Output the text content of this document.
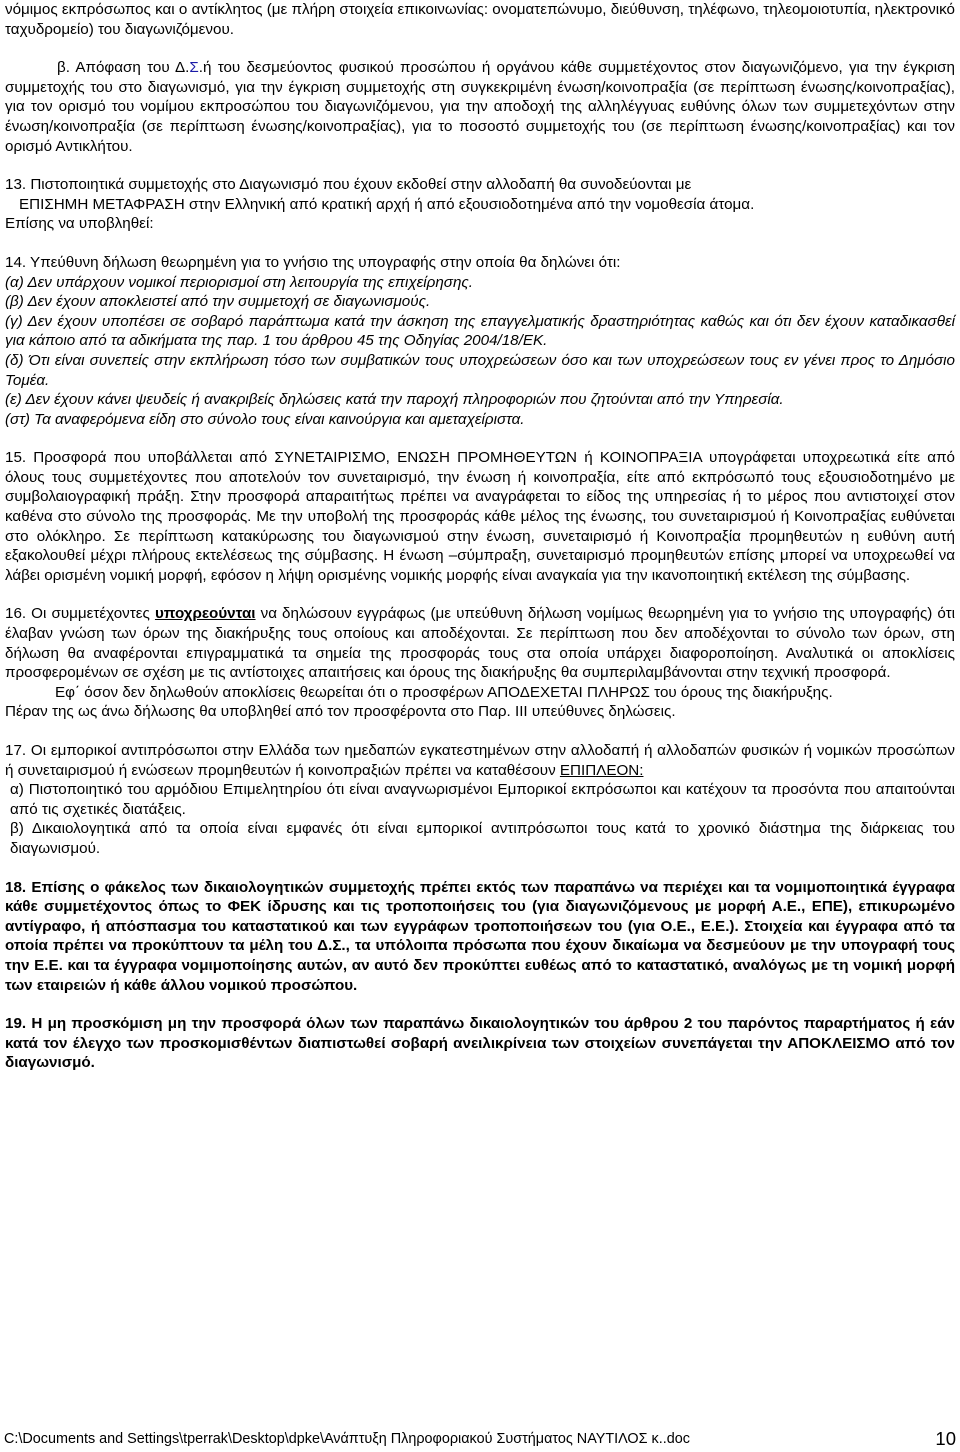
νόμιμος εκπρόσωπος και ο αντίκλητος (με πλήρη στοιχεία επικοινωνίας: ονοματεπώνυμο, διεύθυνση, τηλέφωνο, τηλεομοιοτυπία, ηλεκτρονικό ταχυδρομείο) του διαγωνιζόμενου.

β. Απόφαση του Δ.Σ.ή του δεσμεύοντος φυσικού προσώπου ή οργάνου κάθε συμμετέχοντος στον διαγωνιζόμενο, για την έγκριση συμμετοχής του στο διαγωνισμό, για την έγκριση συμμετοχής στη συγκεκριμένη ένωση/κοινοπραξία (σε περίπτωση ένωσης/κοινοπραξίας), για τον ορισμό του νομίμου εκπροσώπου του διαγωνιζόμενου, για την αποδοχή της αλληλέγγυας ευθύνης όλων των συμμετεχόντων στην ένωση/κοινοπραξία (σε περίπτωση ένωσης/κοινοπραξίας), για το ποσοστό συμμετοχής του (σε περίπτωση ένωσης/κοινοπραξίας) και τον ορισμό Αντικλήτου.

13. Πιστοποιητικά συμμετοχής στο Διαγωνισμό που έχουν εκδοθεί στην αλλοδαπή θα συνοδεύονται με

ΕΠΙΣΗΜΗ ΜΕΤΑΦΡΑΣΗ στην Ελληνική από κρατική αρχή ή από εξουσιοδοτημένα από την νομοθεσία άτομα.

Επίσης να υποβληθεί:

14. Υπεύθυνη δήλωση θεωρημένη για το γνήσιο της υπογραφής στην οποία θα δηλώνει ότι:

(α) Δεν υπάρχουν νομικοί περιορισμοί στη λειτουργία της επιχείρησης.

(β) Δεν έχουν αποκλειστεί από την συμμετοχή σε διαγωνισμούς.

(γ) Δεν έχουν υποπέσει σε σοβαρό παράπτωμα κατά την άσκηση της επαγγελματικής δραστηριότητας καθώς και ότι δεν έχουν καταδικασθεί για κάποιο από τα αδικήματα της παρ. 1 του άρθρου 45 της Οδηγίας 2004/18/ΕΚ.

(δ) Ότι είναι συνεπείς στην εκπλήρωση τόσο των συμβατικών τους υποχρεώσεων όσο και των υποχρεώσεων τους εν γένει προς το Δημόσιο Τομέα.

(ε) Δεν έχουν κάνει ψευδείς ή ανακριβείς δηλώσεις κατά την παροχή πληροφοριών που ζητούνται από την Υπηρεσία.

(στ) Τα αναφερόμενα είδη στο σύνολο τους είναι καινούργια και αμεταχείριστα.

15. Προσφορά που υποβάλλεται από ΣΥΝΕΤΑΙΡΙΣΜΟ, ΕΝΩΣΗ ΠΡΟΜΗΘΕΥΤΩΝ ή ΚΟΙΝΟΠΡΑΞΙΑ υπογράφεται υποχρεωτικά είτε από όλους τους συμμετέχοντες που αποτελούν τον συνεταιρισμό, την ένωση ή κοινοπραξία, είτε από εκπρόσωπό τους εξουσιοδοτημένο με συμβολαιογραφική πράξη. Στην προσφορά απαραιτήτως πρέπει να αναγράφεται το είδος της υπηρεσίας ή το μέρος που αντιστοιχεί στον καθένα στο σύνολο της προσφοράς. Με την υποβολή της προσφοράς κάθε μέλος της ένωσης, του συνεταιρισμού ή Κοινοπραξίας ευθύνεται στο ολόκληρο. Σε περίπτωση κατακύρωσης του διαγωνισμού στην ένωση, συνεταιρισμό ή Κοινοπραξία προμηθευτών η ευθύνη αυτή εξακολουθεί μέχρι πλήρους εκτελέσεως της σύμβασης. Η ένωση –σύμπραξη, συνεταιρισμό προμηθευτών επίσης μπορεί να υποχρεωθεί να λάβει ορισμένη νομική μορφή, εφόσον η λήψη ορισμένης νομικής μορφής είναι αναγκαία για την ικανοποιητική εκτέλεση της σύμβασης.

16. Οι συμμετέχοντες υποχρεούνται να δηλώσουν εγγράφως (με υπεύθυνη δήλωση νομίμως θεωρημένη για το γνήσιο της υπογραφής) ότι έλαβαν γνώση των όρων της διακήρυξης τους οποίους και αποδέχονται. Σε περίπτωση που δεν αποδέχονται το σύνολο των όρων, στη δήλωση θα αναφέρονται επιγραμματικά τα σημεία της προσφοράς τους στα οποία υπάρχει διαφοροποίηση. Αναλυτικά οι αποκλίσεις προσφερομένων σε σχέση με τις αντίστοιχες απαιτήσεις και όρους της διακήρυξης θα συμπεριλαμβάνονται στην τεχνική προσφορά.

Εφ΄ όσον δεν δηλωθούν αποκλίσεις θεωρείται ότι ο προσφέρων ΑΠΟΔΕΧΕΤΑΙ ΠΛΗΡΩΣ του όρους της διακήρυξης.

Πέραν της ως άνω δήλωσης θα υποβληθεί από τον προσφέροντα στο Παρ. ΙΙΙ υπεύθυνες δηλώσεις.

17. Οι εμπορικοί αντιπρόσωποι στην Ελλάδα των ημεδαπών εγκατεστημένων στην αλλοδαπή ή αλλοδαπών φυσικών ή νομικών προσώπων ή συνεταιρισμού ή ενώσεων προμηθευτών ή κοινοπραξιών πρέπει να καταθέσουν ΕΠΙΠΛΕΟΝ:

α) Πιστοποιητικό του αρμόδιου Επιμελητηρίου ότι είναι αναγνωρισμένοι Εμπορικοί εκπρόσωποι και κατέχουν τα προσόντα που απαιτούνται από τις σχετικές διατάξεις.

β) Δικαιολογητικά από τα οποία είναι εμφανές ότι είναι εμπορικοί αντιπρόσωποι τους κατά το χρονικό διάστημα της διάρκειας του διαγωνισμού.

18. Επίσης ο φάκελος των δικαιολογητικών συμμετοχής πρέπει εκτός των παραπάνω να περιέχει και τα νομιμοποιητικά έγγραφα κάθε συμμετέχοντος όπως το ΦΕΚ ίδρυσης και τις τροποποιήσεις του (για διαγωνιζόμενους με μορφή Α.Ε., ΕΠΕ), επικυρωμένο αντίγραφο, ή απόσπασμα του καταστατικού και των εγγράφων τροποποιήσεων του (για Ο.Ε., Ε.Ε.). Στοιχεία και έγγραφα από τα οποία πρέπει να προκύπτουν τα μέλη του Δ.Σ., τα υπόλοιπα πρόσωπα που έχουν δικαίωμα να δεσμεύουν με την υπογραφή τους την Ε.Ε. και τα έγγραφα νομιμοποίησης αυτών, αν αυτό δεν προκύπτει ευθέως από το καταστατικό, αναλόγως με τη νομική μορφή των εταιρειών ή κάθε άλλου νομικού προσώπου.

19. Η μη προσκόμιση μη την προσφορά όλων των παραπάνω δικαιολογητικών του άρθρου 2 του παρόντος παραρτήματος ή εάν κατά τον έλεγχο των προσκομισθέντων διαπιστωθεί σοβαρή ανειλικρίνεια των στοιχείων συνεπάγεται την ΑΠΟΚΛΕΙΣΜΟ από τον διαγωνισμό.

C:\Documents and Settings\tperrak\Desktop\dpke\Ανάπτυξη Πληροφοριακού Συστήματος ΝΑΥΤΙΛΟΣ κ..doc	10
